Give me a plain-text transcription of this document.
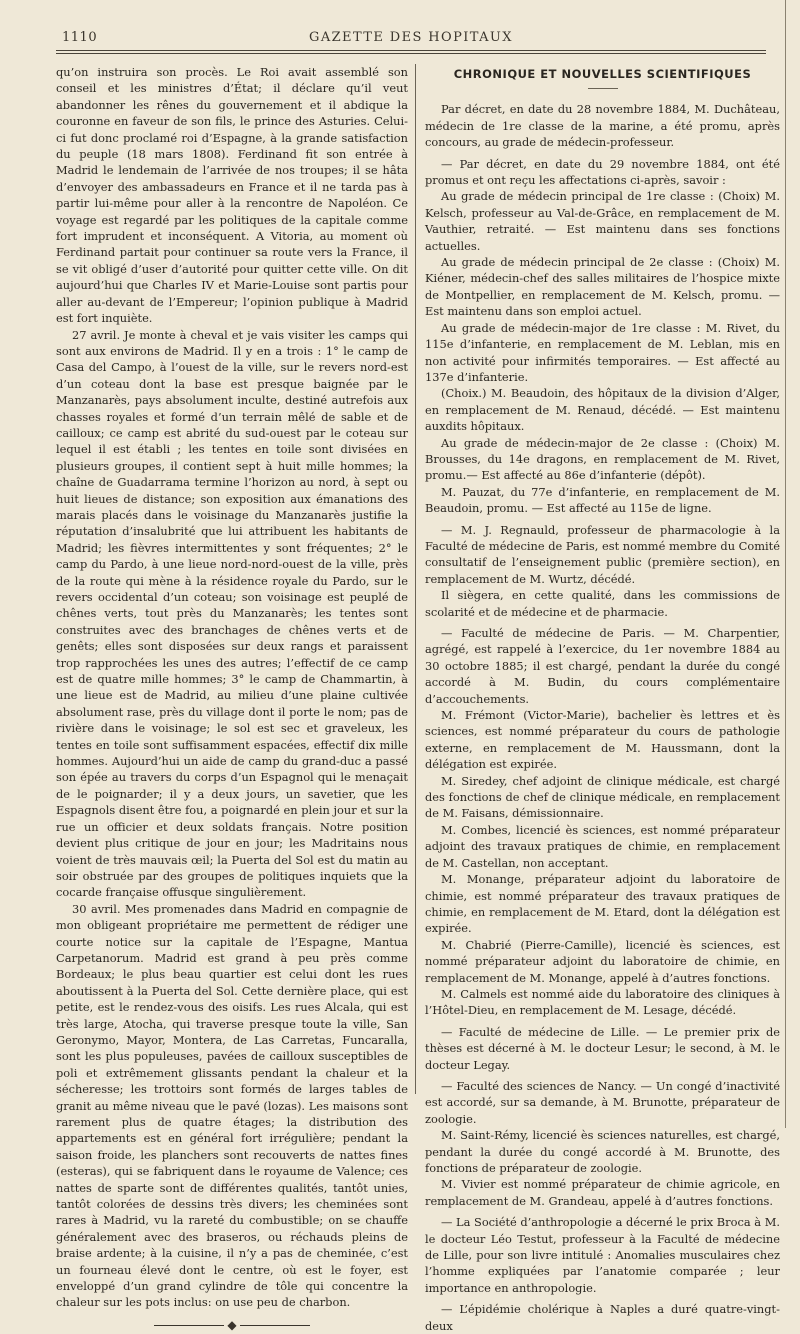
1110	GAZETTE DES HOPITAUX

qu’on instruira son procès. Le Roi avait assemblé son conseil et les ministres d’État; il déclare qu’il veut abandonner les rênes du gouvernement et il abdique la couronne en faveur de son fils, le prince des Asturies. Celui-ci fut donc proclamé roi d’Espagne, à la grande satisfaction du peuple (18 mars 1808). Ferdinand fit son entrée à Madrid le lendemain de l’arrivée de nos troupes; il se hâta d’envoyer des ambassadeurs en France et il ne tarda pas à partir lui-même pour aller à la rencontre de Napoléon. Ce voyage est regardé par les politiques de la capitale comme fort imprudent et inconséquent. A Vitoria, au moment où Ferdinand partait pour continuer sa route vers la France, il se vit obligé d’user d’autorité pour quitter cette ville. On dit aujourd’hui que Charles IV et Marie-Louise sont partis pour aller au-devant de l’Empereur; l’opinion publique à Madrid est fort inquiète.

27 avril. Je monte à cheval et je vais visiter les camps qui sont aux environs de Madrid. Il y en a trois : 1° le camp de Casa del Campo, à l’ouest de la ville, sur le revers nord-est d’un coteau dont la base est presque baignée par le Manzanarès, pays absolument inculte, destiné autrefois aux chasses royales et formé d’un terrain mêlé de sable et de cailloux; ce camp est abrité du sud-ouest par le coteau sur lequel il est établi ; les tentes en toile sont divisées en plusieurs groupes, il contient sept à huit mille hommes; la chaîne de Guadarrama termine l’horizon au nord, à sept ou huit lieues de distance; son exposition aux émanations des marais placés dans le voisinage du Manzanarès justifie la réputation d’insalubrité que lui attribuent les habitants de Madrid; les fièvres intermittentes y sont fréquentes; 2° le camp du Pardo, à une lieue nord-nord-ouest de la ville, près de la route qui mène à la résidence royale du Pardo, sur le revers occidental d’un coteau; son voisinage est peuplé de chênes verts, tout près du Manzanarès; les tentes sont construites avec des branchages de chênes verts et de genêts; elles sont disposées sur deux rangs et paraissent trop rapprochées les unes des autres; l’effectif de ce camp est de quatre mille hommes; 3° le camp de Chammartin, à une lieue est de Madrid, au milieu d’une plaine cultivée absolument rase, près du village dont il porte le nom; pas de rivière dans le voisinage; le sol est sec et graveleux, les tentes en toile sont suffisamment espacées, effectif dix mille hommes. Aujourd’hui un aide de camp du grand-duc a passé son épée au travers du corps d’un Espagnol qui le menaçait de le poignarder; il y a deux jours, un savetier, que les Espagnols disent être fou, a poignardé en plein jour et sur la rue un officier et deux soldats français. Notre position devient plus critique de jour en jour; les Madritains nous voient de très mauvais œil; la Puerta del Sol est du matin au soir obstruée par des groupes de politiques inquiets que la cocarde française offusque singulièrement.

30 avril. Mes promenades dans Madrid en compagnie de mon obligeant propriétaire me permettent de rédiger une courte notice sur la capitale de l’Espagne, Mantua Carpetanorum. Madrid est grand à peu près comme Bordeaux; le plus beau quartier est celui dont les rues aboutissent à la Puerta del Sol. Cette dernière place, qui est petite, est le rendez-vous des oisifs. Les rues Alcala, qui est très large, Atocha, qui traverse presque toute la ville, San Geronymo, Mayor, Montera, de Las Carretas, Funcaralla, sont les plus populeuses, pavées de cailloux susceptibles de poli et extrêmement glissants pendant la chaleur et la sécheresse; les trottoirs sont formés de larges tables de granit au même niveau que le pavé (lozas). Les maisons sont rarement plus de quatre étages; la distribution des appartements est en général fort irrégulière; pendant la saison froide, les planchers sont recouverts de nattes fines (esteras), qui se fabriquent dans le royaume de Valence; ces nattes de sparte sont de différentes qualités, tantôt unies, tantôt colorées de dessins très divers; les cheminées sont rares à Madrid, vu la rareté du combustible; on se chauffe généralement avec des braseros, ou réchauds pleins de braise ardente; à la cuisine, il n’y a pas de cheminée, c’est un fourneau élevé dont le centre, où est le foyer, est enveloppé d’un grand cylindre de tôle qui concentre la chaleur sur les pots inclus: on use peu de charbon.

◆
CHRONIQUE ET NOUVELLES SCIENTIFIQUES

Par décret, en date du 28 novembre 1884, M. Duchâteau, médecin de 1re classe de la marine, a été promu, après concours, au grade de médecin-professeur.

— Par décret, en date du 29 novembre 1884, ont été promus et ont reçu les affectations ci-après, savoir :

Au grade de médecin principal de 1re classe : (Choix) M. Kelsch, professeur au Val-de-Grâce, en remplacement de M. Vauthier, retraité. — Est maintenu dans ses fonctions actuelles.

Au grade de médecin principal de 2e classe : (Choix) M. Kiéner, médecin-chef des salles militaires de l’hospice mixte de Montpellier, en remplacement de M. Kelsch, promu. — Est maintenu dans son emploi actuel.

Au grade de médecin-major de 1re classe : M. Rivet, du 115e d’infanterie, en remplacement de M. Leblan, mis en non activité pour infirmités temporaires. — Est affecté au 137e d’infanterie.

(Choix.) M. Beaudoin, des hôpitaux de la division d’Alger, en remplacement de M. Renaud, décédé. — Est maintenu auxdits hôpitaux.

Au grade de médecin-major de 2e classe : (Choix) M. Brousses, du 14e dragons, en remplacement de M. Rivet, promu.— Est affecté au 86e d’infanterie (dépôt).

M. Pauzat, du 77e d’infanterie, en remplacement de M. Beaudoin, promu. — Est affecté au 115e de ligne.

— M. J. Regnauld, professeur de pharmacologie à la Faculté de médecine de Paris, est nommé membre du Comité consultatif de l’enseignement public (première section), en remplacement de M. Wurtz, décédé.

Il siègera, en cette qualité, dans les commissions de scolarité et de médecine et de pharmacie.

— Faculté de médecine de Paris. — M. Charpentier, agrégé, est rappelé à l’exercice, du 1er novembre 1884 au 30 octobre 1885; il est chargé, pendant la durée du congé accordé à M. Budin, du cours complémentaire d’accouchements.

M. Frémont (Victor-Marie), bachelier ès lettres et ès sciences, est nommé préparateur du cours de pathologie externe, en remplacement de M. Haussmann, dont la délégation est expirée.

M. Siredey, chef adjoint de clinique médicale, est chargé des fonctions de chef de clinique médicale, en remplacement de M. Faisans, démissionnaire.

M. Combes, licencié ès sciences, est nommé préparateur adjoint des travaux pratiques de chimie, en remplacement de M. Castellan, non acceptant.

M. Monange, préparateur adjoint du laboratoire de chimie, est nommé préparateur des travaux pratiques de chimie, en remplacement de M. Etard, dont la délégation est expirée.

M. Chabrié (Pierre-Camille), licencié ès sciences, est nommé préparateur adjoint du laboratoire de chimie, en remplacement de M. Monange, appelé à d’autres fonctions.

M. Calmels est nommé aide du laboratoire des cliniques à l’Hôtel-Dieu, en remplacement de M. Lesage, décédé.

— Faculté de médecine de Lille. — Le premier prix de thèses est décerné à M. le docteur Lesur; le second, à M. le docteur Legay.

— Faculté des sciences de Nancy. — Un congé d’inactivité est accordé, sur sa demande, à M. Brunotte, préparateur de zoologie.

M. Saint-Rémy, licencié ès sciences naturelles, est chargé, pendant la durée du congé accordé à M. Brunotte, des fonctions de préparateur de zoologie.

M. Vivier est nommé préparateur de chimie agricole, en remplacement de M. Grandeau, appelé à d’autres fonctions.

— La Société d’anthropologie a décerné le prix Broca à M. le docteur Léo Testut, professeur à la Faculté de médecine de Lille, pour son livre intitulé : Anomalies musculaires chez l’homme expliquées par l’anatomie comparée ; leur importance en anthropologie.

— L’épidémie cholérique à Naples a duré quatre-vingt-deux
